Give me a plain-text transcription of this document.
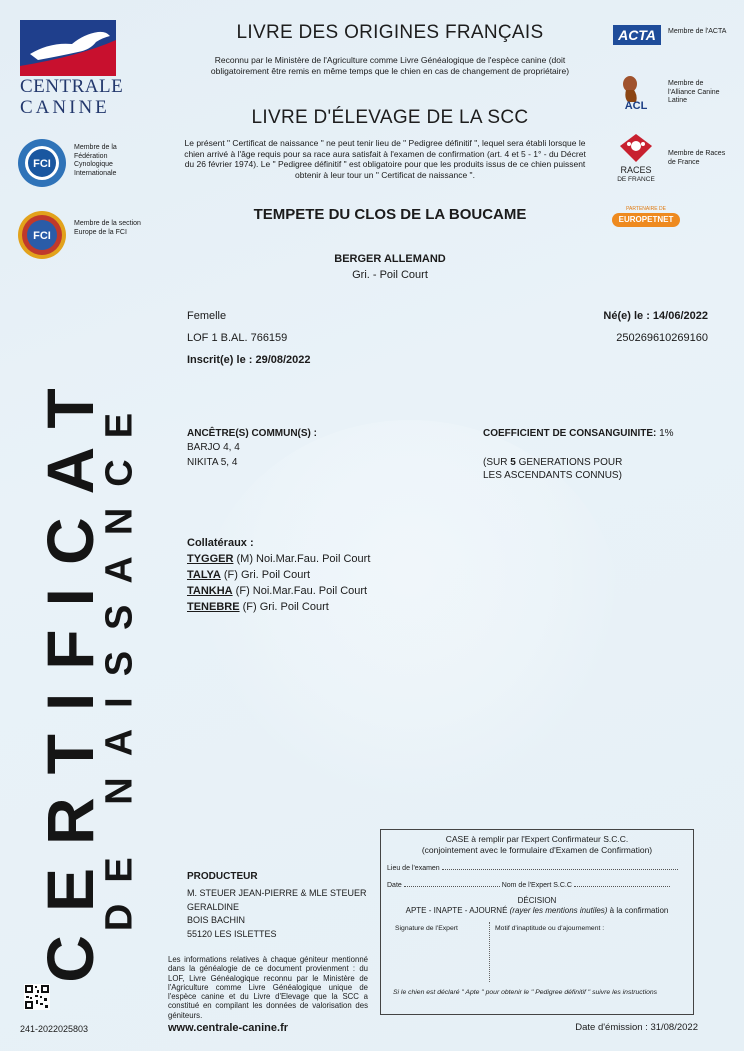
CENTRALE
CANINE
FCI
Membre de la Fédération Cynologique Internationale
FCI
Membre de la section Europe de la FCI
CERTIFICAT
DE NAISSANCE
241-2022025803
ACTA	Membre de l'ACTA
ACL
Membre de l'Alliance Canine Latine
RACES
DE FRANCE
Membre de Races de France
PARTENAIRE DE
EUROPETNET
LIVRE DES ORIGINES FRANÇAIS
Reconnu par le Ministère de l'Agriculture comme Livre Généalogique de l'espèce canine (doit obligatoirement être remis en même temps que le chien en cas de changement de propriétaire)
LIVRE D'ÉLEVAGE DE LA SCC
Le présent " Certificat de naissance " ne peut tenir lieu de " Pedigree définitif ", lequel sera établi lorsque le chien arrivé à l'âge requis pour sa race aura satisfait à l'examen de confirmation (art. 4 et 5 - 1° - du Décret du 26 février 1974). Le " Pedigree définitif " est obligatoire pour que les produits issus de ce chien puissent obtenir à leur tour un " Certificat de naissance ".
TEMPETE DU CLOS DE LA BOUCAME
BERGER ALLEMAND
Gri. - Poil Court
Femelle
LOF 1 B.AL. 766159
Inscrit(e) le : 29/08/2022
Né(e) le : 14/06/2022
250269610269160
ANCÊTRE(S) COMMUN(S) :
BARJO 4, 4
NIKITA 5, 4
COEFFICIENT DE CONSANGUINITE: 1%
(SUR 5 GENERATIONS POUR
LES ASCENDANTS CONNUS)
Collatéraux :
TYGGER (M) Noi.Mar.Fau. Poil Court
TALYA (F) Gri. Poil Court
TANKHA (F) Noi.Mar.Fau. Poil Court
TENEBRE (F) Gri. Poil Court
PRODUCTEUR
M. STEUER JEAN-PIERRE & MLE STEUER
GERALDINE
BOIS BACHIN
55120 LES ISLETTES
Les informations relatives à chaque géniteur mentionné dans la généalogie de ce document provienment : du LOF, Livre Généalogique reconnu par le Ministère de l'Agriculture comme Livre Généalogique unique de l'espèce canine et du Livre d'Elevage que la SCC a constitué en compilant les données de valorisation des géniteurs.
www.centrale-canine.fr	Date d'émission : 31/08/2022
CASE à remplir par l'Expert Confirmateur S.C.C.
(conjointement avec le formulaire d'Examen de Confirmation)
Lieu de l'examen
Date	Nom de l'Expert S.C.C
DÉCISION
APTE - INAPTE - AJOURNÉ (rayer les mentions inutiles) à la confirmation
Signature de l'Expert	Motif d'inaptitude ou d'ajournement :
Si le chien est déclaré " Apte " pour obtenir le " Pedigree définitif " suivre les instructions
